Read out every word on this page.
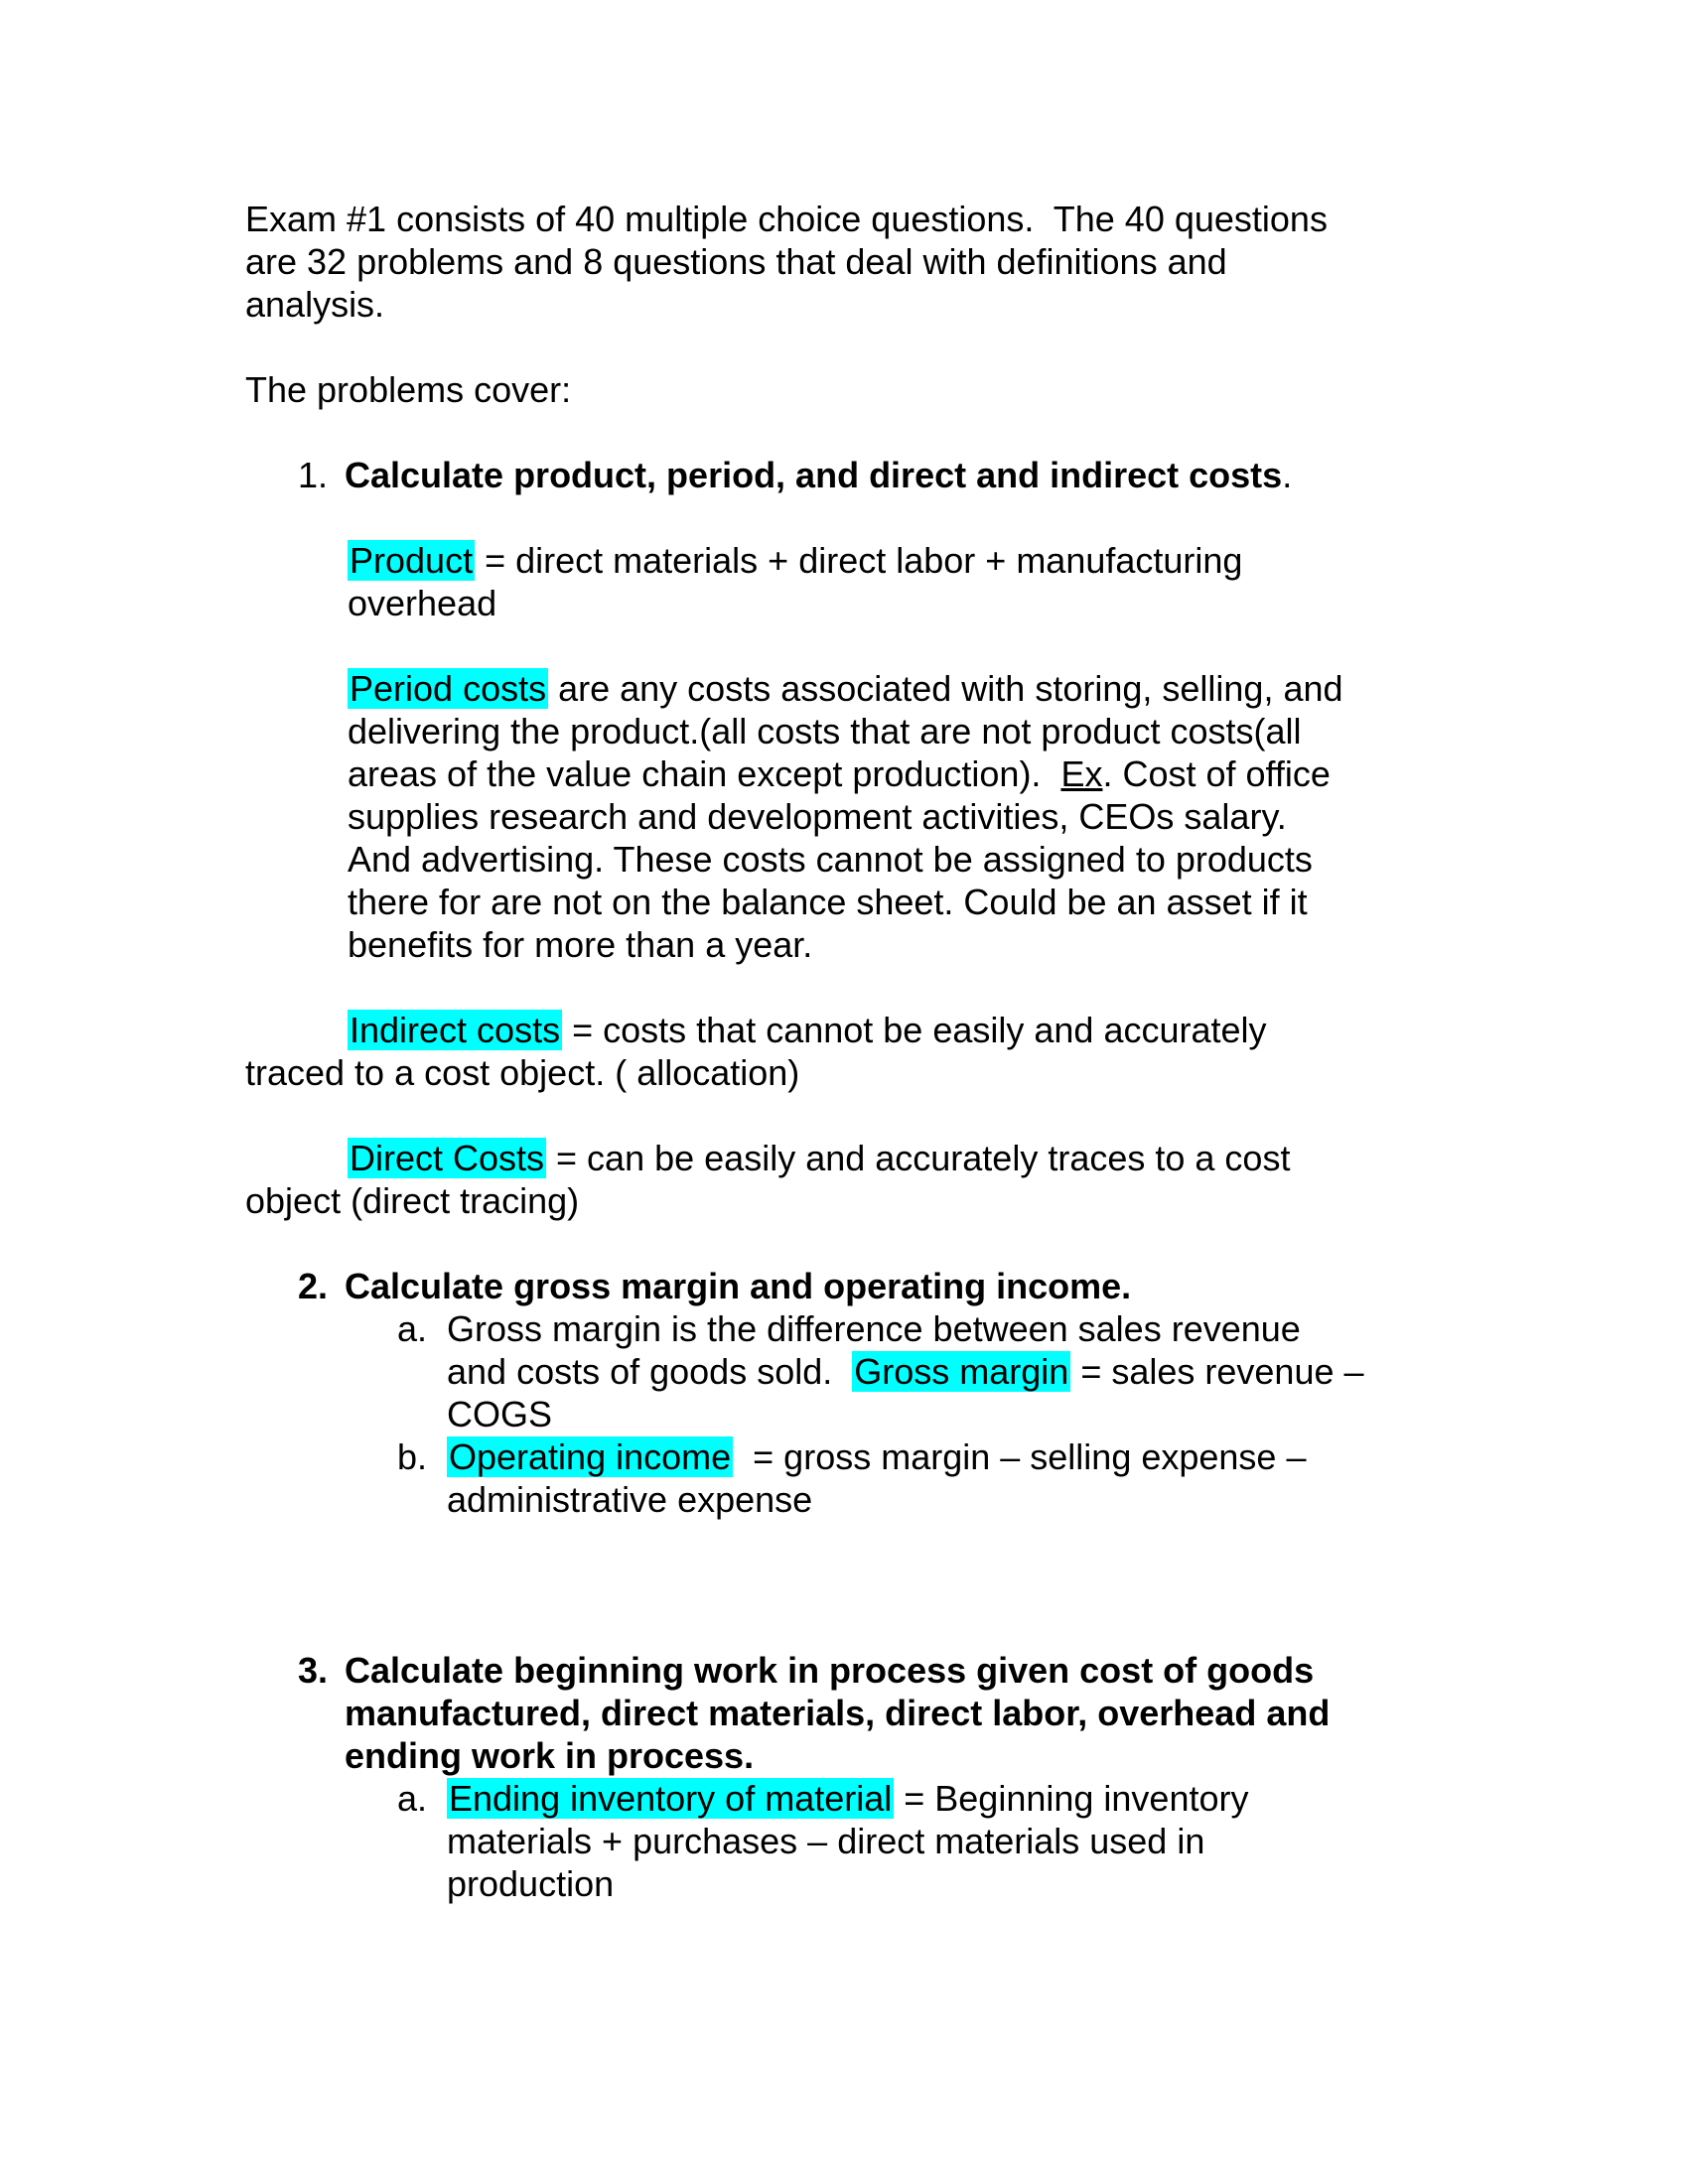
Exam #1 consists of 40 multiple choice questions.  The 40 questions
are 32 problems and 8 questions that deal with definitions and
analysis.
The problems cover:
1. Calculate product, period, and direct and indirect costs.
Product = direct materials + direct labor + manufacturing
overhead
Period costs are any costs associated with storing, selling, and
delivering the product.(all costs that are not product costs(all
areas of the value chain except production).  Ex. Cost of office
supplies research and development activities, CEOs salary.
And advertising. These costs cannot be assigned to products
there for are not on the balance sheet. Could be an asset if it
benefits for more than a year.
Indirect costs = costs that cannot be easily and accurately
traced to a cost object. ( allocation)
Direct Costs = can be easily and accurately traces to a cost
object (direct tracing)
2. Calculate gross margin and operating income.
a. Gross margin is the difference between sales revenue
and costs of goods sold.  Gross margin = sales revenue –
COGS
b. Operating income  = gross margin – selling expense –
administrative expense
3. Calculate beginning work in process given cost of goods
manufactured, direct materials, direct labor, overhead and
ending work in process.
a. Ending inventory of material = Beginning inventory
materials + purchases – direct materials used in
production
